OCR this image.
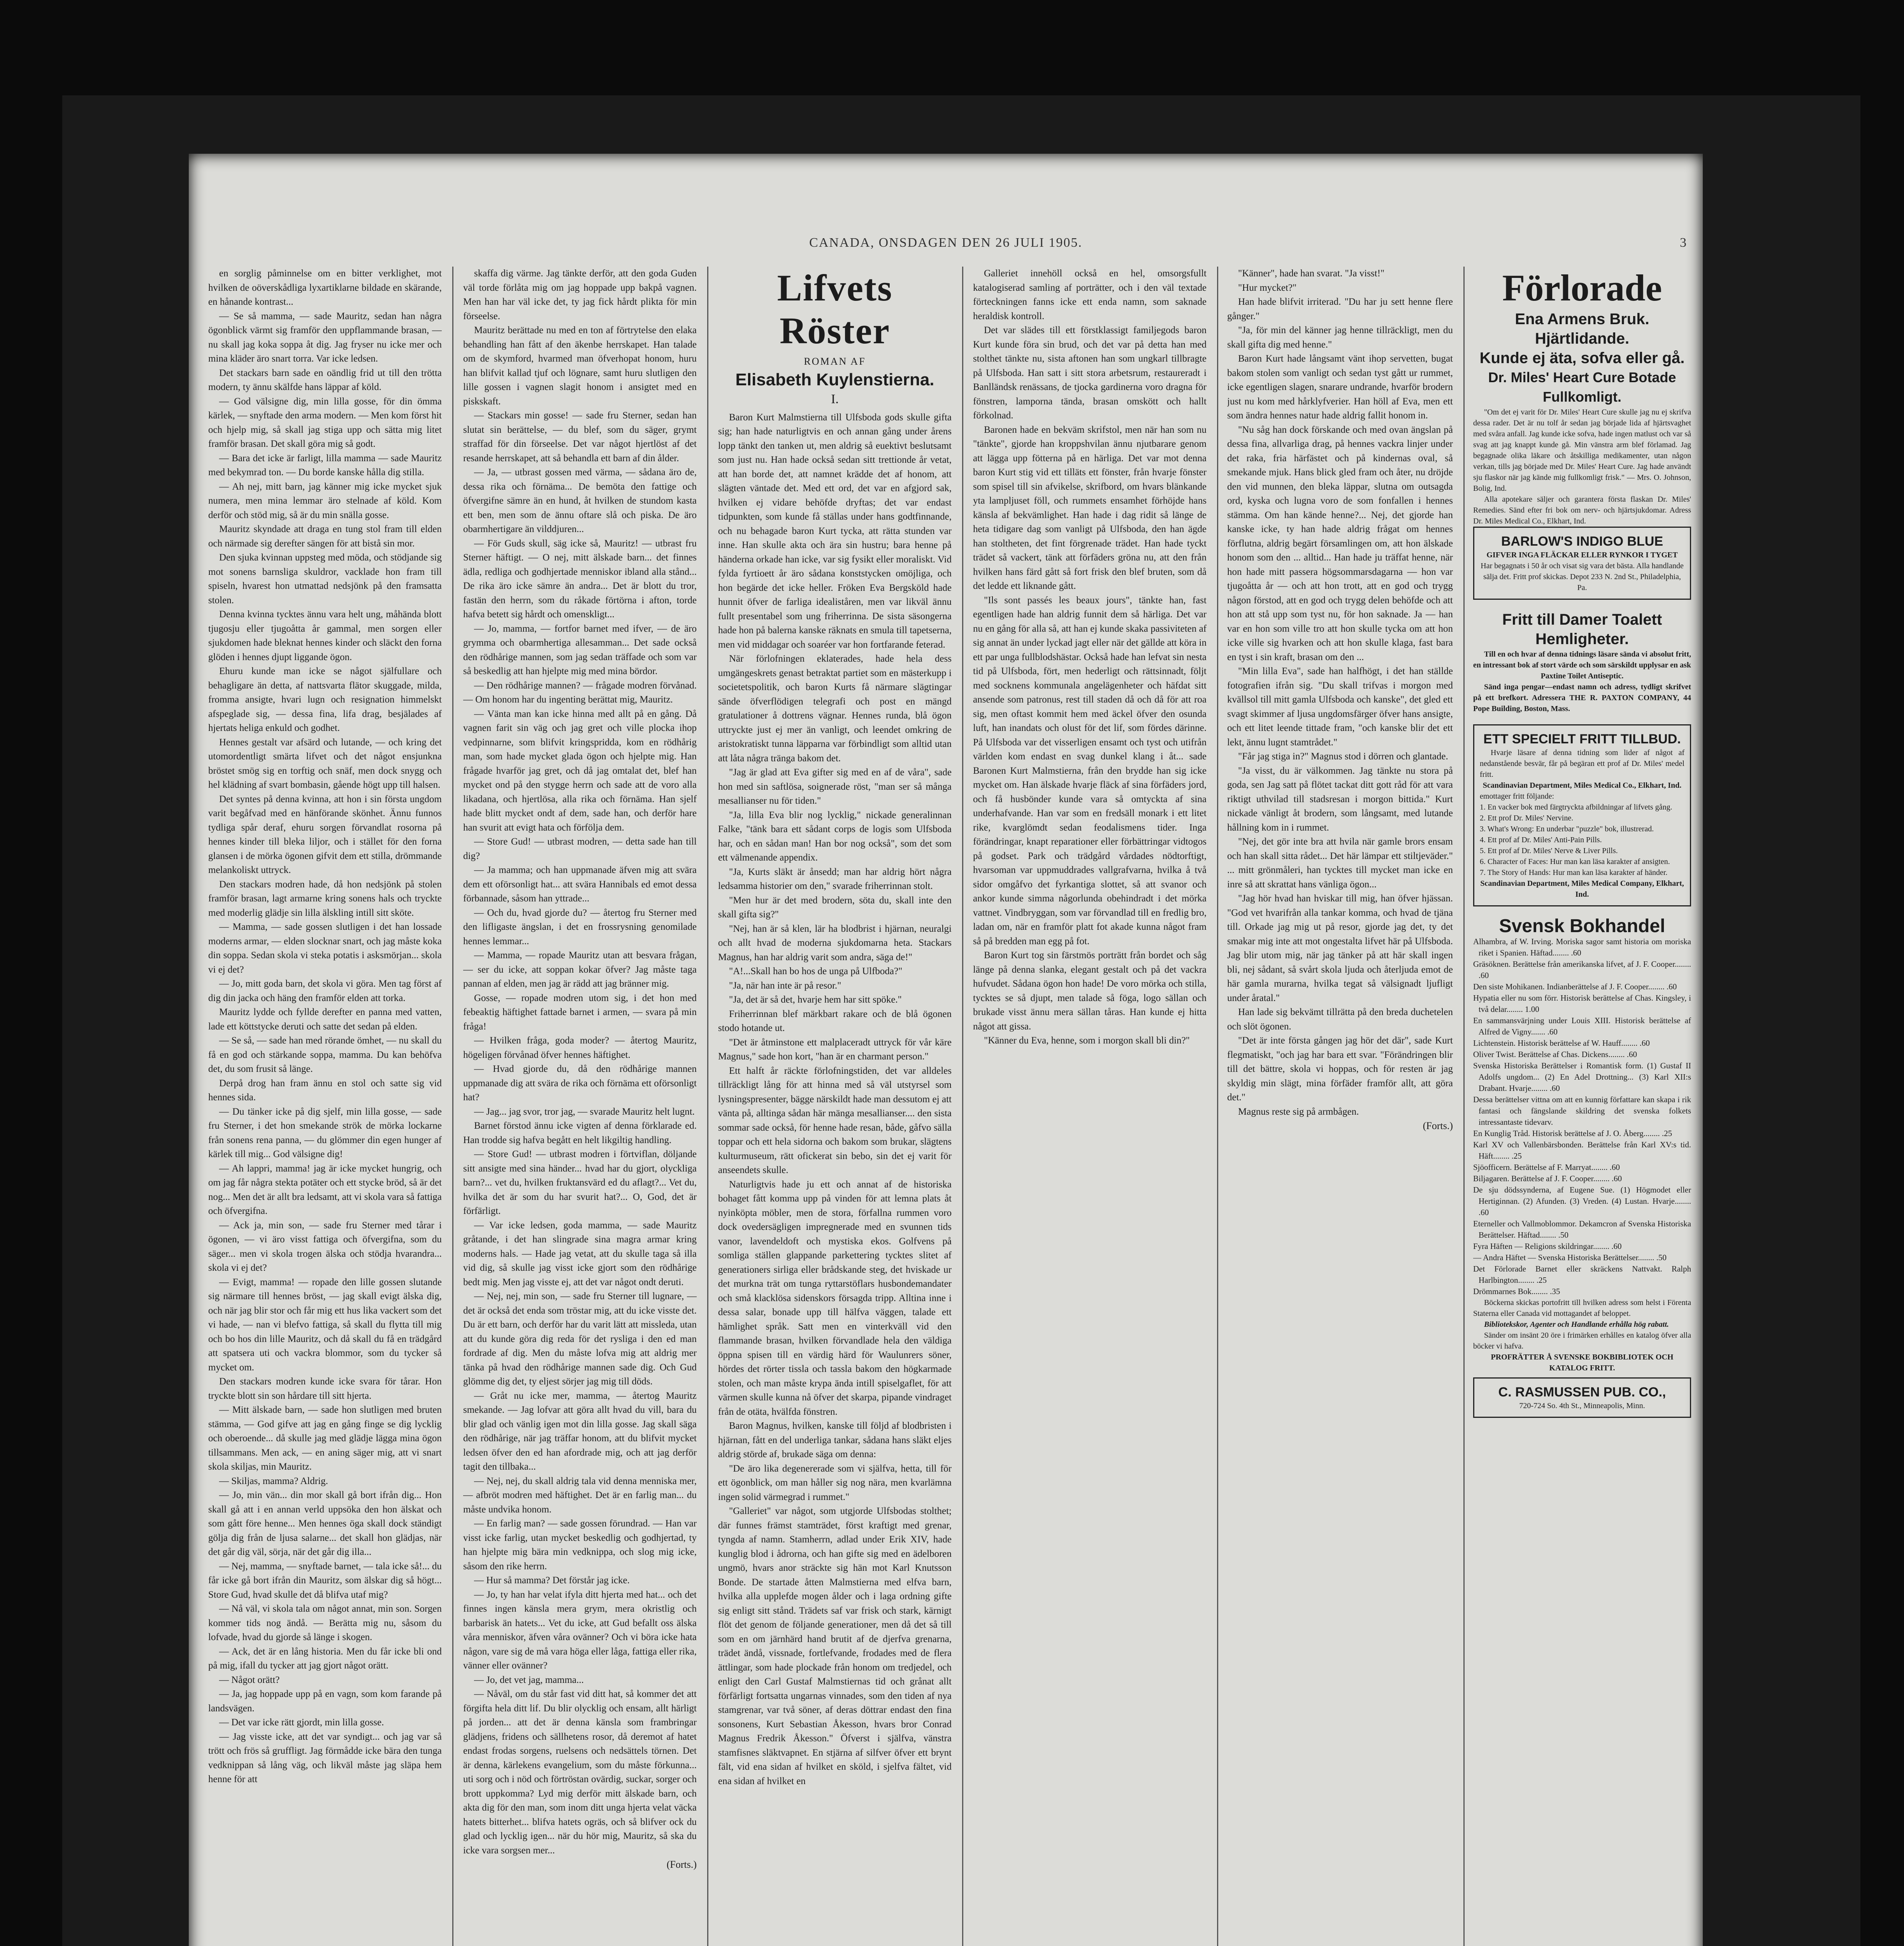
CANADA, ONSDAGEN DEN 26 JULI 1905.	3

en sorglig påminnelse om en bitter verklighet, mot hvilken de oöverskådliga lyxartiklarne bildade en skärande, en hånande kontrast...

— Se så mamma, — sade Mauritz, sedan han några ögonblick värmt sig framför den uppflammande brasan, — nu skall jag koka soppa åt dig. Jag fryser nu icke mer och mina kläder äro snart torra. Var icke ledsen.

Det stackars barn sade en oändlig frid ut till den trötta modern, ty ännu skälfde hans läppar af köld.

— God välsigne dig, min lilla gosse, för din ömma kärlek, — snyftade den arma modern. — Men kom först hit och hjelp mig, så skall jag stiga upp och sätta mig litet framför brasan. Det skall göra mig så godt.

— Bara det icke är farligt, lilla mamma — sade Mauritz med bekymrad ton. — Du borde kanske hålla dig stilla.

— Ah nej, mitt barn, jag känner mig icke mycket sjuk numera, men mina lemmar äro stelnade af köld. Kom derför och stöd mig, så är du min snälla gosse.

Mauritz skyndade att draga en tung stol fram till elden och närmade sig derefter sängen för att bistå sin mor.

Den sjuka kvinnan uppsteg med möda, och stödjande sig mot sonens barnsliga skuldror, vacklade hon fram till spiseln, hvarest hon utmattad nedsjönk på den framsatta stolen.

Denna kvinna tycktes ännu vara helt ung, måhända blott tjugosju eller tjugoåtta år gammal, men sorgen eller sjukdomen hade bleknat hennes kinder och släckt den forna glöden i hennes djupt liggande ögon.

Ehuru kunde man icke se något själfullare och behagligare än detta, af nattsvarta flätor skuggade, milda, fromma ansigte, hvari lugn och resignation himmelskt afspeglade sig, — dessa fina, lifa drag, besjälades af hjertats heliga enkuld och godhet.

Hennes gestalt var afsärd och lutande, — och kring det utomordentligt smärta lifvet och det något ensjunkna bröstet smög sig en torftig och snäf, men dock snygg och hel klädning af svart bombasin, gående högt upp till halsen.

Det syntes på denna kvinna, att hon i sin första ungdom varit begåfvad med en hänförande skönhet. Ännu funnos tydliga spår deraf, ehuru sorgen förvandlat rosorna på hennes kinder till bleka liljor, och i stället för den forna glansen i de mörka ögonen gifvit dem ett stilla, drömmande melankoliskt uttryck.

Den stackars modren hade, då hon nedsjönk på stolen framför brasan, lagt armarne kring sonens hals och tryckte med moderlig glädje sin lilla älskling intill sitt sköte.

— Mamma, — sade gossen slutligen i det han lossade moderns armar, — elden slocknar snart, och jag måste koka din soppa. Sedan skola vi steka potatis i asksmörjan... skola vi ej det?

— Jo, mitt goda barn, det skola vi göra. Men tag först af dig din jacka och häng den framför elden att torka.

Mauritz lydde och fyllde derefter en panna med vatten, lade ett köttstycke deruti och satte det sedan på elden.

— Se så, — sade han med rörande ömhet, — nu skall du få en god och stärkande soppa, mamma. Du kan behöfva det, du som frusit så länge.

Derpå drog han fram ännu en stol och satte sig vid hennes sida.

— Du tänker icke på dig sjelf, min lilla gosse, — sade fru Sterner, i det hon smekande strök de mörka lockarne från sonens rena panna, — du glömmer din egen hunger af kärlek till mig... God välsigne dig!

— Ah lappri, mamma! jag är icke mycket hungrig, och om jag får några stekta potäter och ett stycke bröd, så är det nog... Men det är allt bra ledsamt, att vi skola vara så fattiga och öfvergifna.

— Ack ja, min son, — sade fru Sterner med tårar i ögonen, — vi äro visst fattiga och öfvergifna, som du säger... men vi skola trogen älska och stödja hvarandra... skola vi ej det?

— Evigt, mamma! — ropade den lille gossen slutande sig närmare till hennes bröst, — jag skall evigt älska dig, och när jag blir stor och får mig ett hus lika vackert som det vi hade, — nan vi blefvo fattiga, så skall du flytta till mig och bo hos din lille Mauritz, och då skall du få en trädgård att spatsera uti och vackra blommor, som du tycker så mycket om.

Den stackars modren kunde icke svara för tårar. Hon tryckte blott sin son hårdare till sitt hjerta.

— Mitt älskade barn, — sade hon slutligen med bruten stämma, — God gifve att jag en gång finge se dig lycklig och oberoende... då skulle jag med glädje lägga mina ögon tillsammans. Men ack, — en aning säger mig, att vi snart skola skiljas, min Mauritz.

— Skiljas, mamma? Aldrig.

— Jo, min vän... din mor skall gå bort ifrån dig... Hon skall gå att i en annan verld uppsöka den hon älskat och som gått före henne... Men hennes öga skall dock ständigt gölja dig från de ljusa salarne... det skall hon glädjas, när det går dig väl, sörja, när det går dig illa...

— Nej, mamma, — snyftade barnet, — tala icke så!... du får icke gå bort ifrån din Mauritz, som älskar dig så högt... Store Gud, hvad skulle det då blifva utaf mig?

— Nå väl, vi skola tala om något annat, min son. Sorgen kommer tids nog ändå. — Berätta mig nu, såsom du lofvade, hvad du gjorde så länge i skogen.

— Ack, det är en lång historia. Men du får icke bli ond på mig, ifall du tycker att jag gjort något orätt.

— Något orätt?

— Ja, jag hoppade upp på en vagn, som kom farande på landsvägen.

— Det var icke rätt gjordt, min lilla gosse.

— Jag visste icke, att det var syndigt... och jag var så trött och frös så gruffligt. Jag förmådde icke bära den tunga vedknippan så lång väg, och likväl måste jag släpa hem henne för att

skaffa dig värme. Jag tänkte derför, att den goda Guden väl torde förlåta mig om jag hoppade upp bakpå vagnen. Men han har väl icke det, ty jag fick hårdt plikta för min förseelse.

Mauritz berättade nu med en ton af förtrytelse den elaka behandling han fått af den äkenbe herrskapet. Han talade om de skymford, hvarmed man öfverhopat honom, huru han blifvit kallad tjuf och lögnare, samt huru slutligen den lille gossen i vagnen slagit honom i ansigtet med en piskskaft.

— Stackars min gosse! — sade fru Sterner, sedan han slutat sin berättelse, — du blef, som du säger, grymt straffad för din förseelse. Det var något hjertlöst af det resande herrskapet, att så behandla ett barn af din ålder.

— Ja, — utbrast gossen med värma, — sådana äro de, dessa rika och förnäma... De bemöta den fattige och öfvergifne sämre än en hund, åt hvilken de stundom kasta ett ben, men som de ännu oftare slå och piska. De äro obarmhertigare än vilddjuren...

— För Guds skull, säg icke så, Mauritz! — utbrast fru Sterner häftigt. — O nej, mitt älskade barn... det finnes ädla, redliga och godhjertade menniskor ibland alla stånd... De rika äro icke sämre än andra... Det är blott du tror, fastän den herrn, som du råkade förtörna i afton, torde hafva betett sig hårdt och omenskligt...

— Jo, mamma, — fortfor barnet med ifver, — de äro grymma och obarmhertiga allesamman... Det sade också den rödhårige mannen, som jag sedan träffade och som var så beskedlig att han hjelpte mig med mina bördor.

— Den rödhårige mannen? — frågade modren förvånad. — Om honom har du ingenting berättat mig, Mauritz.

— Vänta man kan icke hinna med allt på en gång. Då vagnen farit sin väg och jag gret och ville plocka ihop vedpinnarne, som blifvit kringspridda, kom en rödhårig man, som hade mycket glada ögon och hjelpte mig. Han frågade hvarför jag gret, och då jag omtalat det, blef han mycket ond på den stygge herrn och sade att de voro alla likadana, och hjertlösa, alla rika och förnäma. Han sjelf hade blitt mycket ondt af dem, sade han, och derför hare han svurit att evigt hata och förfölja dem.

— Store Gud! — utbrast modren, — detta sade han till dig?

— Ja mamma; och han uppmanade äfven mig att svära dem ett oförsonligt hat... att svära Hannibals ed emot dessa förbannade, såsom han yttrade...

— Och du, hvad gjorde du? — återtog fru Sterner med den lifligaste ängslan, i det en frossrysning genomilade hennes lemmar...

— Mamma, — ropade Mauritz utan att besvara frågan, — ser du icke, att soppan kokar öfver? Jag måste taga pannan af elden, men jag är rädd att jag bränner mig.

Gosse, — ropade modren utom sig, i det hon med febeaktig häftighet fattade barnet i armen, — svara på min fråga!

— Hvilken fråga, goda moder? — återtog Mauritz, högeligen förvånad öfver hennes häftighet.

— Hvad gjorde du, då den rödhårige mannen uppmanade dig att svära de rika och förnäma ett oförsonligt hat?

— Jag... jag svor, tror jag, — svarade Mauritz helt lugnt.

Barnet förstod ännu icke vigten af denna förklarade ed. Han trodde sig hafva begått en helt likgiltig handling.

— Store Gud! — utbrast modren i förtviflan, döljande sitt ansigte med sina händer... hvad har du gjort, olyckliga barn?... vet du, hvilken fruktansvärd ed du aflagt?... Vet du, hvilka det är som du har svurit hat?... O, God, det är förfärligt.

— Var icke ledsen, goda mamma, — sade Mauritz gråtande, i det han slingrade sina magra armar kring moderns hals. — Hade jag vetat, att du skulle taga så illa vid dig, så skulle jag visst icke gjort som den rödhårige bedt mig. Men jag visste ej, att det var något ondt deruti.

— Nej, nej, min son, — sade fru Sterner till lugnare, — det är också det enda som tröstar mig, att du icke visste det. Du är ett barn, och derför har du varit lätt att missleda, utan att du kunde göra dig reda för det rysliga i den ed man fordrade af dig. Men du måste lofva mig att aldrig mer tänka på hvad den rödhårige mannen sade dig. Och Gud glömme dig det, ty eljest sörjer jag mig till döds.

— Gråt nu icke mer, mamma, — återtog Mauritz smekande. — Jag lofvar att göra allt hvad du vill, bara du blir glad och vänlig igen mot din lilla gosse. Jag skall säga den rödhårige, när jag träffar honom, att du blifvit mycket ledsen öfver den ed han afordrade mig, och att jag derför tagit den tillbaka...

— Nej, nej, du skall aldrig tala vid denna menniska mer, — afbröt modren med häftighet. Det är en farlig man... du måste undvika honom.

— En farlig man? — sade gossen förundrad. — Han var visst icke farlig, utan mycket beskedlig och godhjertad, ty han hjelpte mig bära min vedknippa, och slog mig icke, såsom den rike herrn.

— Hur så mamma? Det förstår jag icke.

— Jo, ty han har velat ifyla ditt hjerta med hat... och det finnes ingen känsla mera grym, mera okristlig och barbarisk än hatets... Vet du icke, att Gud befallt oss älska våra menniskor, äfven våra ovänner? Och vi böra icke hata någon, vare sig de må vara höga eller låga, fattiga eller rika, vänner eller ovänner?

— Jo, det vet jag, mamma...

— Nåväl, om du står fast vid ditt hat, så kommer det att förgifta hela ditt lif. Du blir olycklig och ensam, allt härligt på jorden... att det är denna känsla som frambringar glädjens, fridens och sällhetens rosor, då deremot af hatet endast frodas sorgens, ruelsens och nedsättels törnen. Det är denna, kärlekens evangelium, som du måste förkunna... uti sorg och i nöd och förtröstan ovärdig, suckar, sorger och brott uppkomma? Lyd mig derför mitt älskade barn, och akta dig för den man, som inom ditt unga hjerta velat väcka hatets bitterhet... blifva hatets ogräs, och så blifver ock du glad och lycklig igen... när du hör mig, Mauritz, så ska du icke vara sorgsen mer...

(Forts.)

Lifvets Röster
ROMAN AF
Elisabeth Kuylenstierna.
I.

Baron Kurt Malmstierna till Ulfsboda gods skulle gifta sig; han hade naturligtvis en och annan gång under årens lopp tänkt den tanken ut, men aldrig så euektivt beslutsamt som just nu. Han hade också sedan sitt trettionde år vetat, att han borde det, att namnet krädde det af honom, att slägten väntade det. Med ett ord, det var en afgjord sak, hvilken ej vidare behöfde dryftas; det var endast tidpunkten, som kunde få ställas under hans godtfinnande, och nu behagade baron Kurt tycka, att rätta stunden var inne. Han skulle akta och ära sin hustru; bara henne på händerna orkade han icke, var sig fysikt eller moraliskt. Vid fylda fyrtioett år äro sådana konststycken omöjliga, och hon begärde det icke heller. Fröken Eva Bergsköld hade hunnit öfver de farliga idealiståren, men var likväl ännu fullt presentabel som ung friherrinna. De sista säsongerna hade hon på balerna kanske räknats en smula till tapetserna, men vid middagar och soaréer var hon fortfarande feterad.

När förlofningen eklaterades, hade hela dess umgängeskrets genast betraktat partiet som en mästerkupp i societetspolitik, och baron Kurts få närmare slägtingar sände öfverflödigen telegrafi och post en mängd gratulationer å dottrens vägnar. Hennes runda, blå ögon uttryckte just ej mer än vanligt, och leendet omkring de aristokratiskt tunna läpparna var förbindligt som alltid utan att låta några tränga bakom det.

"Jag är glad att Eva gifter sig med en af de våra", sade hon med sin saftlösa, soignerade röst, "man ser så många mesallianser nu för tiden."

"Ja, lilla Eva blir nog lycklig," nickade generalinnan Falke, "tänk bara ett sådant corps de logis som Ulfsboda har, och en sådan man! Han bor nog också", som det som ett välmenande appendix.

"Ja, Kurts släkt är ånsedd; man har aldrig hört några ledsamma historier om den," svarade friherrinnan stolt.

"Men hur är det med brodern, sötа du, skall inte den skall gifta sig?"

"Nej, han är så klen, lär ha blodbrist i hjärnan, neuralgi och allt hvad de moderna sjukdomarna heta. Stackars Magnus, han har aldrig varit som andra, säga de!"

"A!...Skall han bo hos de unga på Ulfboda?"

"Ja, när han inte är på resor."

"Ja, det är så det, hvarje hem har sitt spöke."

Friherrinnan blef märkbart rakare och de blå ögonen stodo hotande ut.

"Det är åtminstone ett malplaceradt uttryck för vår käre Magnus," sade hon kort, "han är en charmant person."

Ett halft år räckte förlofningstiden, det var alldeles tillräckligt lång för att hinna med så väl utstyrsel som lysningspresenter, bägge närskildt hade man dessutom ej att vänta på, alltinga sådan här mänga mesallianser.... den sista sommar sade också, för henne hade resan, både, gåfvo sälla toppar och ett hela sidorna och bakom som brukar, slägtens kulturmuseum, rätt ofickerat sin bebo, sin det ej varit för anseendets skulle.

Naturligtvis hade ju ett och annat af de historiska bohaget fått komma upp på vinden för att lemna plats åt nyinköpta möbler, men de stora, förfallna rummen voro dock ovedersägligen impregnerade med en svunnen tids vanor, lavendeldoft och mystiska ekos. Golfvens på somliga ställen glappande parkettering tycktes slitet af generationers sirliga eller brådskande steg, det hviskade ur det murkna trät om tunga ryttarstöflars husbondemandater och små klacklösa sidenskors försagda tripp. Alltina inne i dessa salar, bonade upp till hälfva väggen, talade ett hämlighet språk. Satt men en vinterkväll vid den flammande brasan, hvilken förvandlade hela den väldiga öppna spisen till en värdig härd för Waulunrers söner, hördes det rörter tissla och tassla bakom den högkarmade stolen, och man måste krypa ända intill spiselgaflet, för att värmen skulle kunna nå öfver det skarpa, pipande vindraget från de otäta, hvälfda fönstren.

Baron Magnus, hvilken, kanske till följd af blodbristen i hjärnan, fått en del underliga tankar, sådana hans släkt eljes aldrig störde af, brukade säga om denna:

"De äro lika degenererade som vi själfva, hetta, till för ett ögonblick, om man håller sig nog nära, men kvarlämna ingen solid värmegrad i rummet."

"Galleriet" var något, som utgjorde Ulfsbodas stolthet; där funnes främst stamträdet, först kraftigt med grenar, tyngda af namn. Stamherrn, adlad under Erik XIV, hade kunglig blod i ådrorna, och han gifte sig med en ädelboren ungmö, hvars anor sträckte sig hän mot Karl Knutsson Bonde. De startade åtten Malmstierna med elfva barn, hvilka alla upplefde mogen ålder och i laga ordning gifte sig enligt sitt stånd. Trädets saf var frisk och stark, kärnigt flöt det genom de följande generationer, men då det så till som en om järnhärd hand brutit af de djerfva grenarna, trädet ändå, vissnade, fortlefvande, frodades med de flera ättlingar, som hade plockade från honom om tredjedel, och enligt den Carl Gustaf Malmstiernas tid och grånat allt förfärligt fortsatta ungarnas vinnades, som den tiden af nya stamgrenar, var två söner, af deras döttrar endast den fina sonsonens, Kurt Sebastian Åkesson, hvars bror Conrad Magnus Fredrik Åkesson." Öfverst i själfva, vänstra stamfisnes släktvapnet. En stjärna af silfver öfver ett brynt fält, vid ena sidan af hvilket en sköld, i sjelfva fältet, vid ena sidan af hvilket en

Galleriet innehöll också en hel, omsorgsfullt katalogiserad samling af porträtter, och i den väl textade förteckningen fanns icke ett enda namn, som saknade heraldisk kontroll.

Det var slädes till ett förstklassigt familjegods baron Kurt kunde föra sin brud, och det var på detta han med stolthet tänkte nu, sista aftonen han som ungkarl tillbragte på Ulfsboda. Han satt i sitt stora arbetsrum, restaureradt i Banlländsk renässans, de tjocka gardinerna voro dragna för fönstren, lamporna tända, brasan omskött och hallt förkolnad.

Baronen hade en bekväm skrifstol, men när han som nu "tänkte", gjorde han kroppshvilan ännu njutbarare genom att lägga upp fötterna på en härliga. Det var mot denna baron Kurt stig vid ett tilläts ett fönster, från hvarje fönster som spisel till sin afvikelse, skrifbord, om hvars blänkande yta lampljuset föll, och rummets ensamhet förhöjde hans känsla af bekvämlighet. Han hade i dag ridit så länge de heta tidigare dag som vanligt på Ulfsboda, den han ägde han stoltheten, det fint förgrenade trädet. Han hade tyckt trädet så vackert, tänk att förfäders gröna nu, att den från hvilken hans färd gått så fort frisk den blef bruten, som då det ledde ett liknande gått.

"Ils sont passés les beaux jours", tänkte han, fast egentligen hade han aldrig funnit dem så härliga. Det var nu en gång för alla så, att han ej kunde skaka passiviteten af sig annat än under lyckad jagt eller när det gällde att köra in ett par unga fullblodshästar. Också hade han lefvat sin nesta tid på Ulfsboda, fört, men hederligt och rättsinnadt, följt med socknens kommunala angelägenheter och häfdat sitt ansende som patronus, rest till staden då och då för att roa sig, men oftast kommit hem med äckel öfver den osunda luft, han inandats och olust för det lif, som fördes därinne. På Ulfsboda var det visserligen ensamt och tyst och utifrån världen kom endast en svag dunkel klang i åt... sade Baronen Kurt Malmstierna, från den brydde han sig icke mycket om. Han älskade hvarje fläck af sina förfäders jord, och få husbönder kunde vara så omtyckta af sina underhafvande. Han var som en fredsäll monark i ett litet rike, kvarglömdt sedan feodalismens tider. Inga förändringar, knapt reparationer eller förbättringar vidtogos på godset. Park och trädgård vårdades nödtorftigt, hvarsoman var uppmuddrades vallgrafvarna, hvilka å två sidor omgåfvo det fyrkantiga slottet, så att svanor och ankor kunde simma någorlunda obehindradt i det mörka vattnet. Vindbryggan, som var förvandlad till en fredlig bro, ladan om, när en framför platt fot akade kunna något fram så på bredden man egg på fot.

Baron Kurt tog sin färstmös porträtt från bordet och såg länge på denna slanka, elegant gestalt och på det vackra hufvudet. Sådana ögon hon hade! De voro mörka och stilla, tycktes se så djupt, men talade så föga, logo sällan och brukade visst ännu mera sällan tåras. Han kunde ej hitta något att gissa.

"Känner du Eva, henne, som i morgon skall bli din?"

"Känner", hade han svarat. "Ja visst!"

"Hur mycket?"

Han hade blifvit irriterad. "Du har ju sett henne flere gånger."

"Ja, för min del känner jag henne tillräckligt, men du skall gifta dig med henne."

Baron Kurt hade långsamt vänt ihop servetten, bugat bakom stolen som vanligt och sedan tyst gått ur rummet, icke egentligen slagen, snarare undrande, hvarför brodern just nu kom med hårklyfverier. Han höll af Eva, men ett som ändra hennes natur hade aldrig fallit honom in.

"Nu såg han dock förskande och med ovan ängslan på dessa fina, allvarliga drag, på hennes vackra linjer under det raka, fria härfästet och på kindernas oval, så smekande mjuk. Hans blick gled fram och åter, nu dröjde den vid munnen, den bleka läppar, slutna om outsagda ord, kyska och lugna voro de som fonfallen i hennes stämma. Om han kände henne?... Nej, det gjorde han kanske icke, ty han hade aldrig frågat om hennes förflutna, aldrig begärt församlingen om, att hon älskade honom som den ... alltid... Han hade ju träffat henne, när hon hade mitt passera högsommarsdagarna — hon var tjugoåtta år — och att hon trott, att en god och trygg någon förstod, att en god och trygg delen behöfde och att hon att stå upp som tyst nu, för hon saknade. Ja — han var en hon som ville tro att hon skulle tycka om att hon icke ville sig hvarken och att hon skulle klaga, fast bara en tyst i sin kraft, brasan om den ...

"Min lilla Eva", sade han halfhögt, i det han ställde fotografien ifrån sig. "Du skall trifvas i morgon med kvällsol till mitt gamla Ulfsboda och kanske", det gled ett svagt skimmer af ljusa ungdomsfärger öfver hans ansigte, och ett litet leende tittade fram, "och kanske blir det ett lekt, ännu lugnt stamtrådet."

"Får jag stiga in?" Magnus stod i dörren och glantade.

"Ja visst, du är välkommen. Jag tänkte nu stora på goda, sen Jag satt på flötet tackat ditt gott råd för att vara riktigt uthvilad till stadsresan i morgon bittida." Kurt nickade vänligt åt brodern, som långsamt, med lutande hållning kom in i rummet.

"Nej, det gör inte bra att hvila när gamle brors ensam och han skall sitta rådet... Det här lämpar ett stiltjeväder." ... mitt grönmåleri, han tycktes till mycket man icke en inre så att skrattat hans vänliga ögon...

"Jag hör hvad han hviskar till mig, han öfver hjässan. "God vet hvarifrån alla tankar komma, och hvad de tjäna till. Orkade jag mig ut på resor, gjorde jag det, ty det smakar mig inte att mot ongestalta lifvet här på Ulfsboda. Jag blir utom mig, när jag tänker på att här skall ingen bli, nej sådant, så svårt skola ljuda och återljuda emot de här gamla murarna, hvilka tegat så välsignadt ljufligt under åratal."

Han lade sig bekvämt tillrätta på den breda duchetelen och slöt ögonen.

"Det är inte första gången jag hör det där", sade Kurt flegmatiskt, "och jag har bara ett svar. "Förändringen blir till det bättre, skola vi hoppas, och för resten är jag skyldig min slägt, mina förfäder framför allt, att göra det."

Magnus reste sig på armbågen.

(Forts.)

Förlorade
Ena Armens Bruk.
Hjärtlidande.
Kunde ej äta, sofva eller gå.
Dr. Miles' Heart Cure Botade Fullkomligt.

"Om det ej varit för Dr. Miles' Heart Cure skulle jag nu ej skrifva dessa rader. Det är nu tolf år sedan jag började lida af hjärtsvaghet med svåra anfall. Jag kunde icke sofva, hade ingen matlust och var så svag att jag knappt kunde gå. Min vänstra arm blef förlamad. Jag begagnade olika läkare och åtskilliga medikamenter, utan någon verkan, tills jag började med Dr. Miles' Heart Cure. Jag hade användt sju flaskor när jag kände mig fullkomligt frisk." — Mrs. O. Johnson, Bolig, Ind.

Alla apotekare säljer och garantera första flaskan Dr. Miles' Remedies. Sänd efter fri bok om nerv- och hjärtsjukdomar. Adress Dr. Miles Medical Co., Elkhart, Ind.

BARLOW'S INDIGO BLUE
GIFVER INGA FLÄCKAR ELLER RYNKOR I TYGET
Har begagnats i 50 år och visat sig vara det bästa. Alla handlande sälja det. Fritt prof skickas. Depot 233 N. 2nd St., Philadelphia, Pa.
Fritt till Damer Toalett Hemligheter.

Till en och hvar af denna tidnings läsare sända vi absolut fritt, en intressant bok af stort värde och som särskildt upplysar en ask

Paxtine Toilet Antiseptic.

Sänd inga pengar—endast namn och adress, tydligt skrifvet på ett brefkort. Adressera THE R. PAXTON COMPANY, 44 Pope Building, Boston, Mass.

ETT SPECIELT FRITT TILLBUD.

Hvarje läsare af denna tidning som lider af något af nedanstående besvär, får på begäran ett prof af Dr. Miles' medel fritt.

Scandinavian Department, Miles Medical Co., Elkhart, Ind.
emottager fritt följande:
1. En vacker bok med färgtryckta afbildningar af lifvets gång.
2. Ett prof Dr. Miles' Nervine.
3. What's Wrong: En underbar "puzzle" bok, illustrerad.
4. Ett prof af Dr. Miles' Anti-Pain Pills.
5. Ett prof af Dr. Miles' Nerve & Liver Pills.
6. Character of Faces: Hur man kan läsa karakter af ansigten.
7. The Story of Hands: Hur man kan läsa karakter af händer.
Scandinavian Department, Miles Medical Company, Elkhart, Ind.
Svensk Bokhandel
Alhambra, af W. Irving. Moriska sagor samt historia om moriska riket i Spanien. Häftad........ .60
Gräsöknen. Berättelse från amerikanska lifvet, af J. F. Cooper........ .60
Den siste Mohikanen. Indianberättelse af J. F. Cooper........ .60
Hypatia eller nu som förr. Historisk berättelse af Chas. Kingsley, i två delar........ 1.00
En sammansvärjning under Louis XIII. Historisk berättelse af Alfred de Vigny....... .60
Lichtenstein. Historisk berättelse af W. Hauff........ .60
Oliver Twist. Berättelse af Chas. Dickens........ .60
Svenska Historiska Berättelser i Romantisk form. (1) Gustaf II Adolfs ungdom... (2) En Adel Drottning... (3) Karl XII:s Drabant. Hvarje........ .60
Dessa berättelser vittna om att en kunnig författare kan skapa i rik fantasi och fängslande skildring det svenska folkets intressantaste tidevarv.
En Kunglig Tråd. Historisk berättelse af J. O. Åberg........ .25
Karl XV och Vallenbärsbonden. Berättelse från Karl XV:s tid. Häft........ .25
Sjöofficern. Berättelse af F. Marryat........ .60
Biljagaren. Berättelse af J. F. Cooper........ .60
De sju dödssynderna, af Eugene Sue. (1) Högmodet eller Hertiginnan. (2) Afunden. (3) Vreden. (4) Lustan. Hvarje........ .60
Eterneller och Vallmoblommor. Dekamcron af Svenska Historiska Berättelser. Häftad........ .50
Fyra Häften — Religions skildringar........ .60
— Andra Häftet — Svenska Historiska Berättelser........ .50
Det Förlorade Barnet eller skräckens Nattvakt. Ralph Harlbington........ .25
Drömmarnes Bok........ .35

Böckerna skickas portofritt till hvilken adress som helst i Förenta Staterna eller Canada vid mottagandet af beloppet.

Bibliotekskor, Agenter och Handlande erhålla hög rabatt.

Sänder om insänt 20 öre i frimärken erhålles en katalog öfver alla böcker vi hafva.

PROFRÄTTER Å SVENSKE BOKBIBLIOTEK OCH KATALOG FRITT.
C. RASMUSSEN PUB. CO.,
720-724 So. 4th St., Minneapolis, Minn.
